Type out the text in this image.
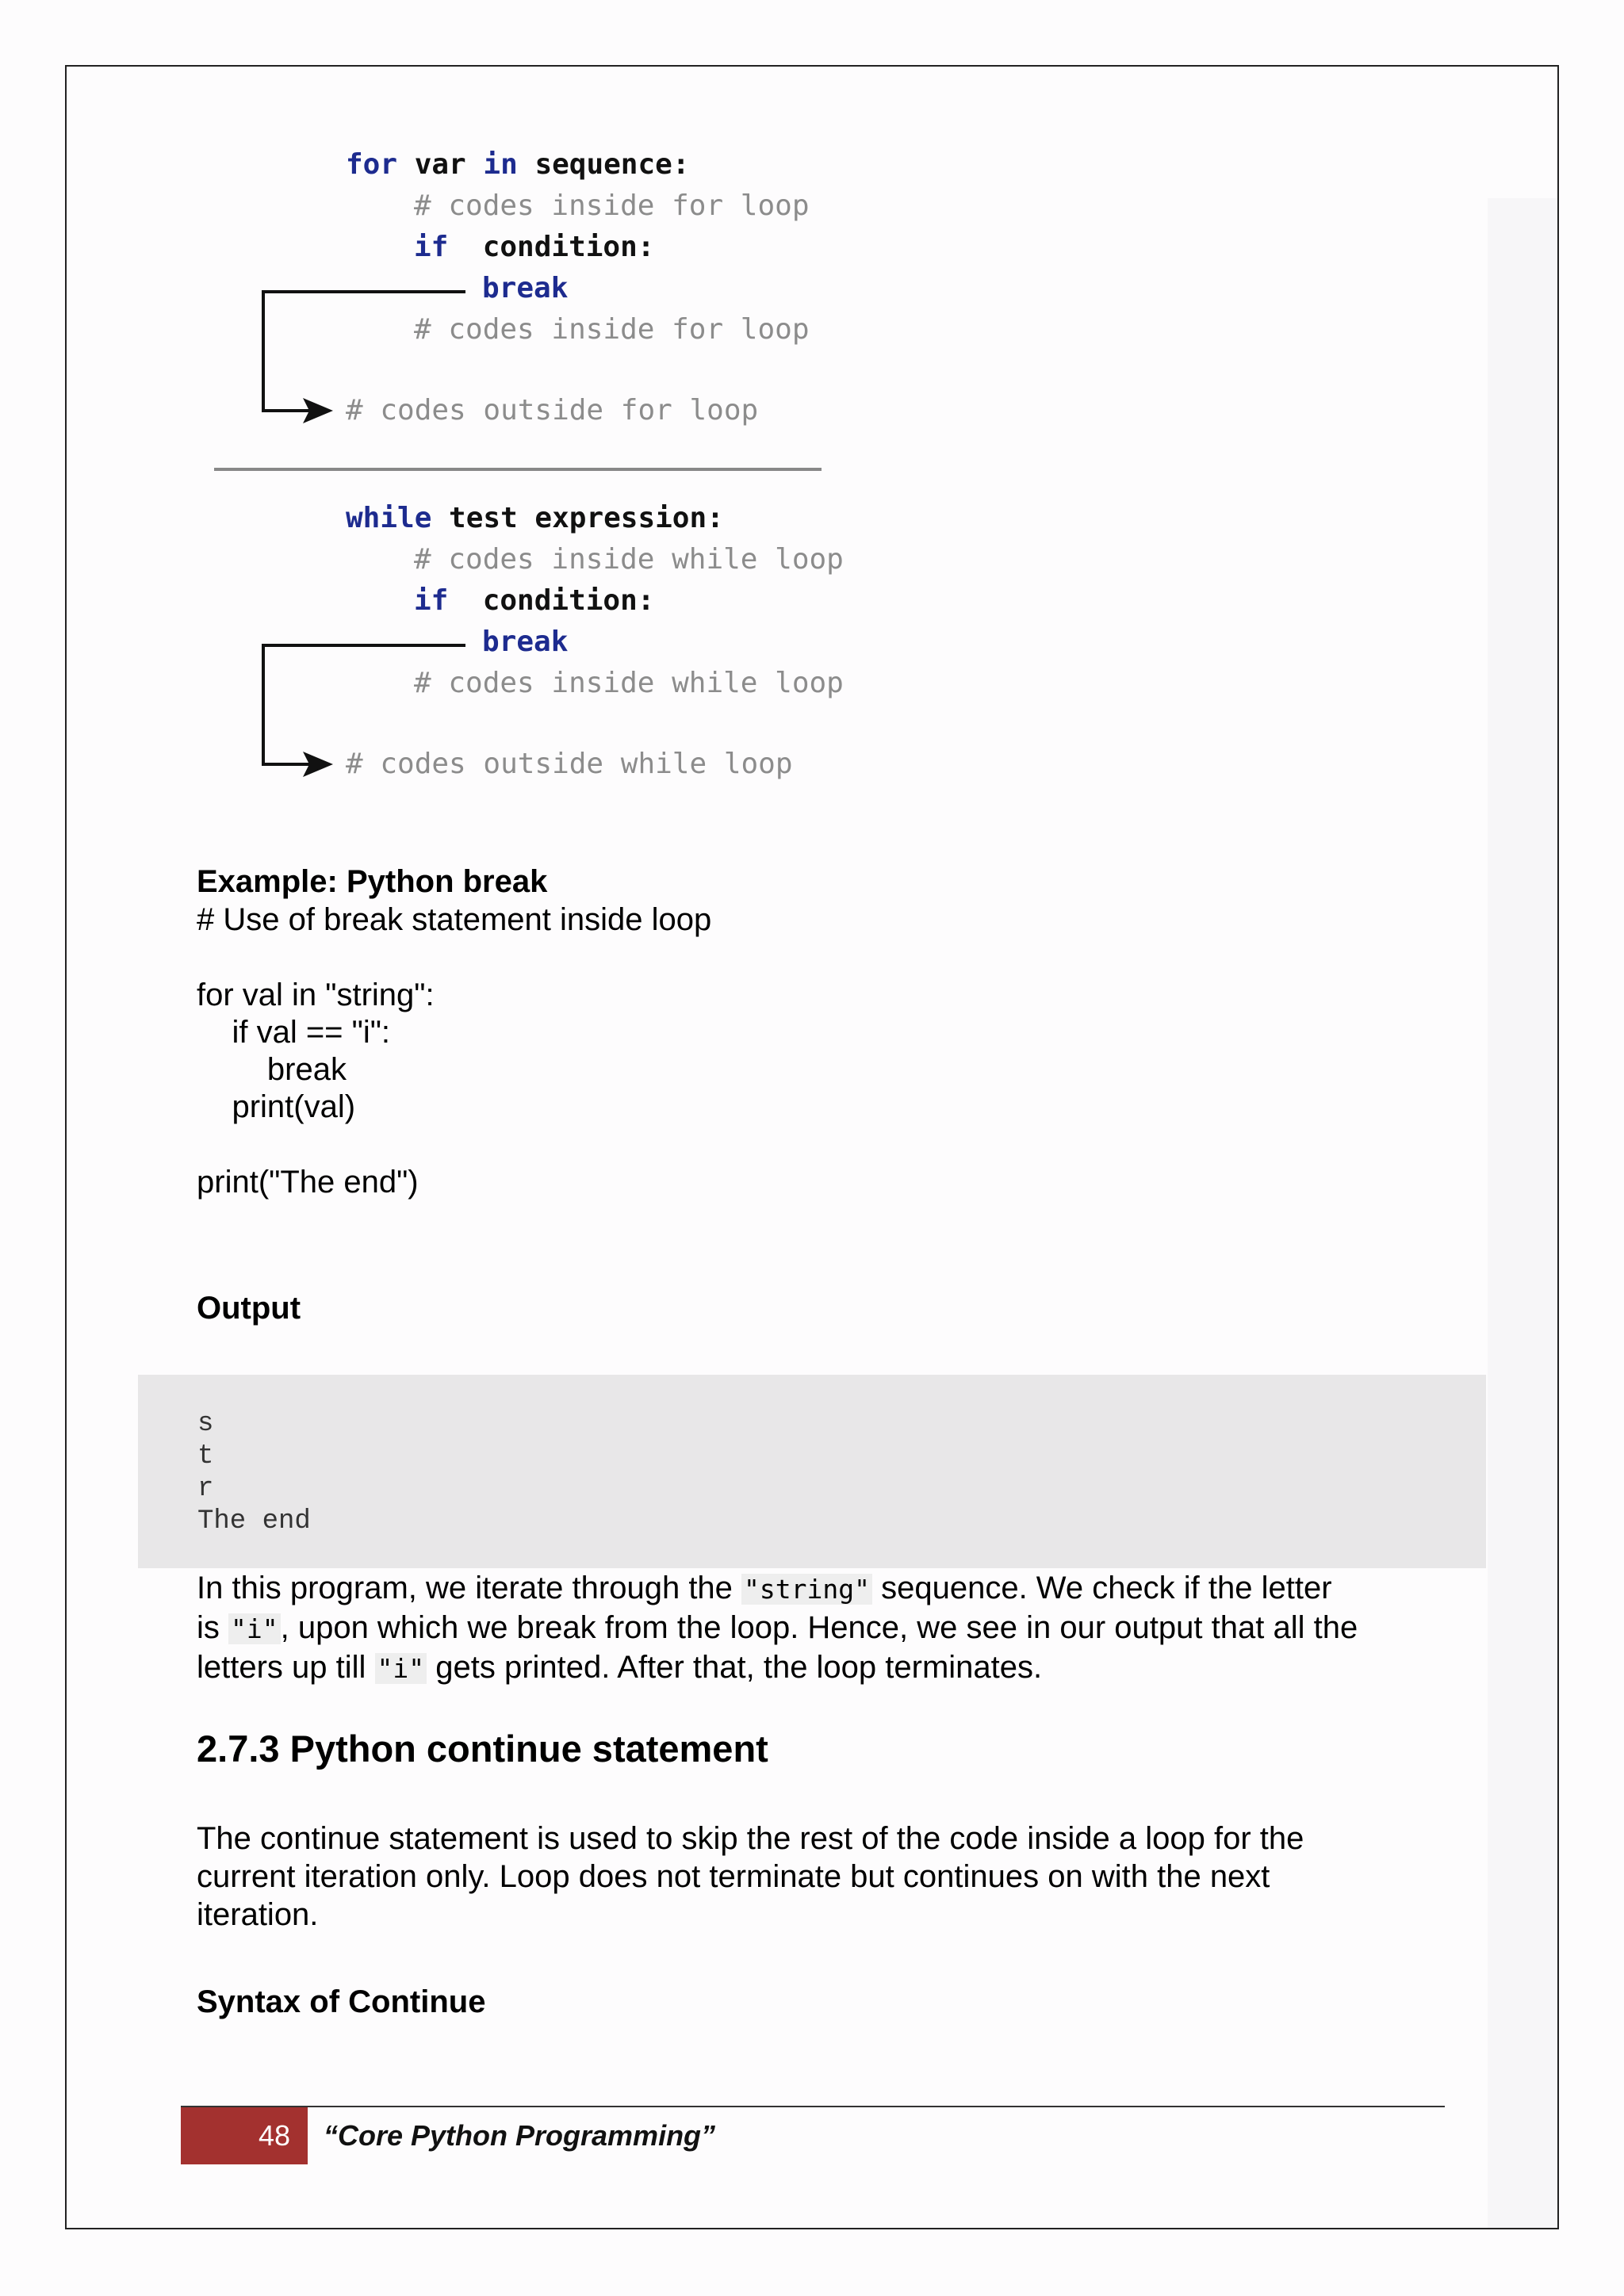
for var in sequence:
# codes inside for loop
if  condition:
break
# codes inside for loop
# codes outside for loop
while test expression:
# codes inside while loop
if  condition:
break
# codes inside while loop
# codes outside while loop
Example: Python break
# Use of break statement inside loop
for val in "string":
if val == "i":
break
print(val)
print("The end")
Output
s
t
r
The end
In this program, we iterate through the "string" sequence. We check if the letter
is "i", upon which we break from the loop. Hence, we see in our output that all the
letters up till "i" gets printed. After that, the loop terminates.
2.7.3 Python continue statement
The continue statement is used to skip the rest of the code inside a loop for the
current iteration only. Loop does not terminate but continues on with the next
iteration.
Syntax of Continue
48	“Core Python Programming”
